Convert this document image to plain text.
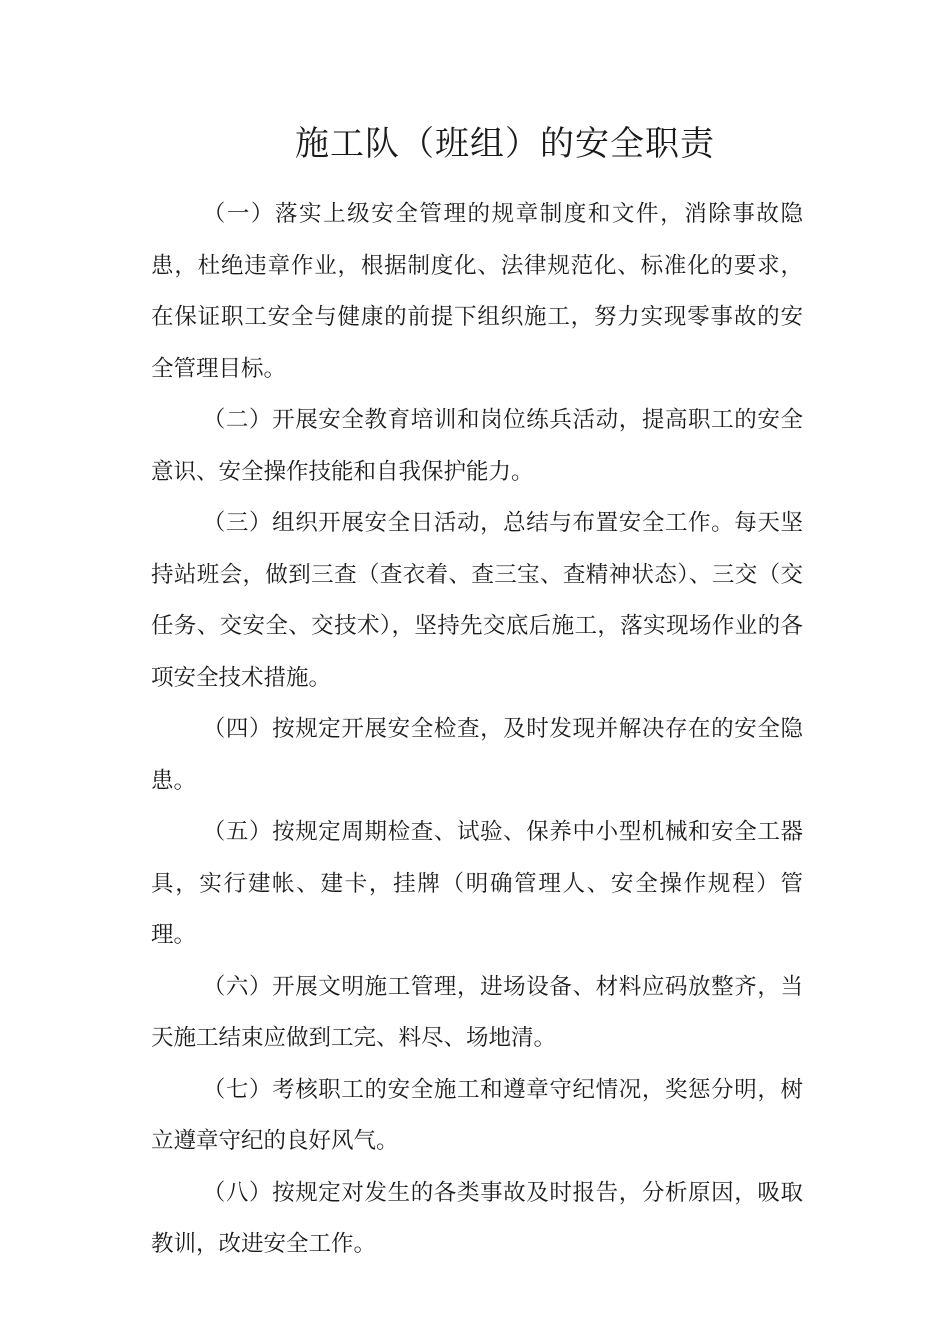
施工队（班组）的安全职责

（一）落实上级安全管理的规章制度和文件，消除事故隐患，杜绝违章作业，根据制度化、法律规范化、标准化的要求，在保证职工安全与健康的前提下组织施工，努力实现零事故的安全管理目标。

（二）开展安全教育培训和岗位练兵活动，提高职工的安全意识、安全操作技能和自我保护能力。

（三）组织开展安全日活动，总结与布置安全工作。每天坚持站班会，做到三查（查衣着、查三宝、查精神状态）、三交（交任务、交安全、交技术），坚持先交底后施工，落实现场作业的各项安全技术措施。

（四）按规定开展安全检查，及时发现并解决存在的安全隐患。

（五）按规定周期检查、试验、保养中小型机械和安全工器具，实行建帐、建卡，挂牌（明确管理人、安全操作规程）管理。

（六）开展文明施工管理，进场设备、材料应码放整齐，当天施工结束应做到工完、料尽、场地清。

（七）考核职工的安全施工和遵章守纪情况，奖惩分明，树立遵章守纪的良好风气。

（八）按规定对发生的各类事故及时报告，分析原因，吸取教训，改进安全工作。
